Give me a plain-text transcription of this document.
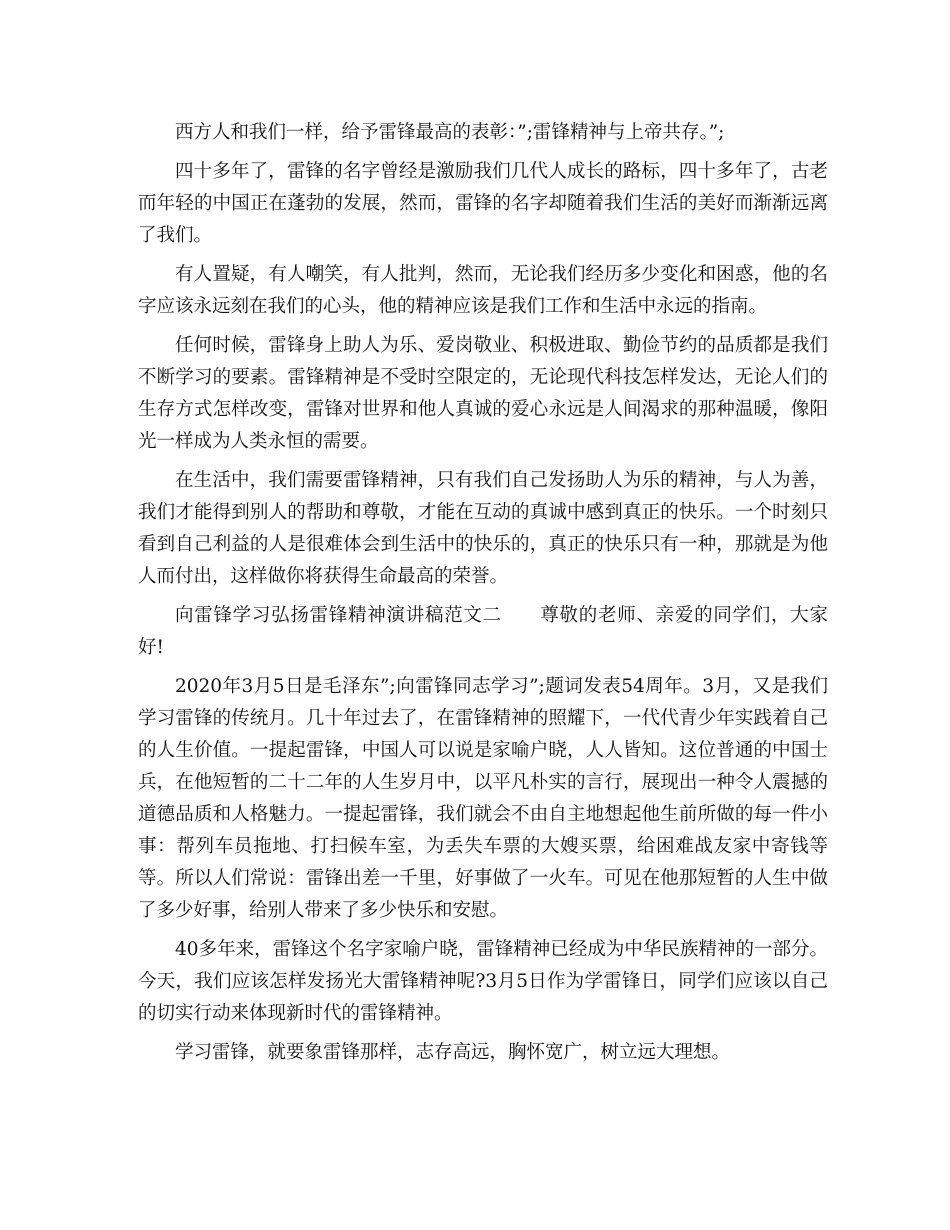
西方人和我们一样，给予雷锋最高的表彰：”;雷锋精神与上帝共存。”;

四十多年了，雷锋的名字曾经是激励我们几代人成长的路标，四十多年了，古老而年轻的中国正在蓬勃的发展，然而，雷锋的名字却随着我们生活的美好而渐渐远离了我们。

有人置疑，有人嘲笑，有人批判，然而，无论我们经历多少变化和困惑，他的名字应该永远刻在我们的心头，他的精神应该是我们工作和生活中永远的指南。

任何时候，雷锋身上助人为乐、爱岗敬业、积极进取、勤俭节约的品质都是我们不断学习的要素。雷锋精神是不受时空限定的，无论现代科技怎样发达，无论人们的生存方式怎样改变，雷锋对世界和他人真诚的爱心永远是人间渴求的那种温暖，像阳光一样成为人类永恒的需要。

在生活中，我们需要雷锋精神，只有我们自己发扬助人为乐的精神，与人为善，我们才能得到别人的帮助和尊敬，才能在互动的真诚中感到真正的快乐。一个时刻只看到自己利益的人是很难体会到生活中的快乐的，真正的快乐只有一种，那就是为他人而付出，这样做你将获得生命最高的荣誉。

向雷锋学习弘扬雷锋精神演讲稿范文二　　尊敬的老师、亲爱的同学们，大家好!

2020年3月5日是毛泽东”;向雷锋同志学习”;题词发表54周年。3月，又是我们学习雷锋的传统月。几十年过去了，在雷锋精神的照耀下，一代代青少年实践着自己的人生价值。一提起雷锋，中国人可以说是家喻户晓，人人皆知。这位普通的中国士兵，在他短暂的二十二年的人生岁月中，以平凡朴实的言行，展现出一种令人震撼的道德品质和人格魅力。一提起雷锋，我们就会不由自主地想起他生前所做的每一件小事：帮列车员拖地、打扫候车室，为丢失车票的大嫂买票，给困难战友家中寄钱等等。所以人们常说：雷锋出差一千里，好事做了一火车。可见在他那短暂的人生中做了多少好事，给别人带来了多少快乐和安慰。

40多年来，雷锋这个名字家喻户晓，雷锋精神已经成为中华民族精神的一部分。今天，我们应该怎样发扬光大雷锋精神呢?3月5日作为学雷锋日，同学们应该以自己的切实行动来体现新时代的雷锋精神。

学习雷锋，就要象雷锋那样，志存高远，胸怀宽广，树立远大理想。
